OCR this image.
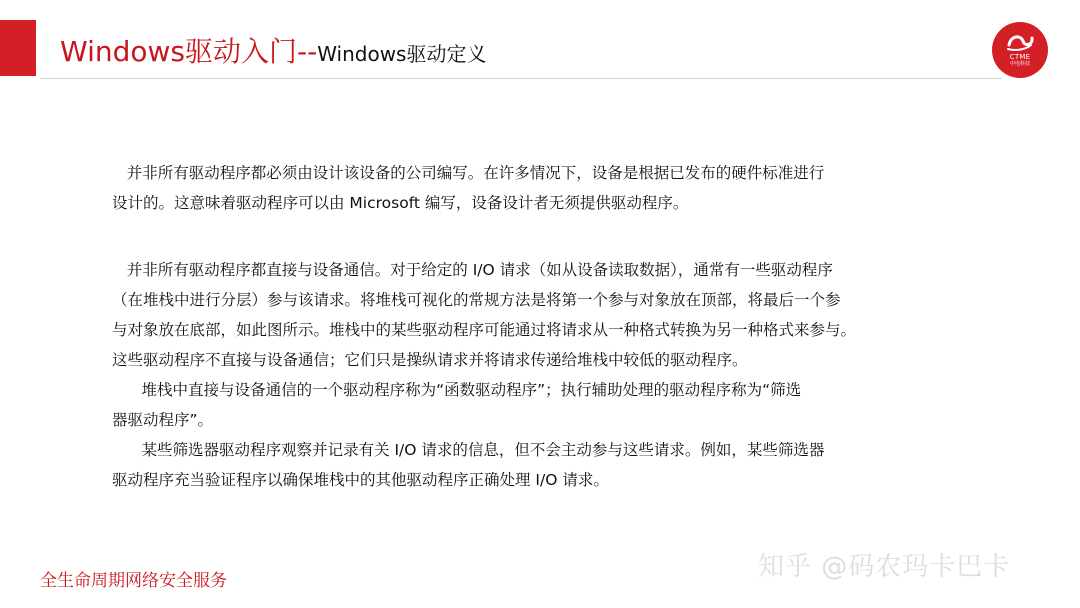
Windows驱动入门--Windows驱动定义	CTME
中电科技

并非所有驱动程序都必须由设计该设备的公司编写。在许多情况下，设备是根据已发布的硬件标准进行

设计的。这意味着驱动程序可以由 Microsoft 编写，设备设计者无须提供驱动程序。

并非所有驱动程序都直接与设备通信。对于给定的 I/O 请求（如从设备读取数据），通常有一些驱动程序

（在堆栈中进行分层）参与该请求。将堆栈可视化的常规方法是将第一个参与对象放在顶部，将最后一个参

与对象放在底部，如此图所示。堆栈中的某些驱动程序可能通过将请求从一种格式转换为另一种格式来参与。

这些驱动程序不直接与设备通信；它们只是操纵请求并将请求传递给堆栈中较低的驱动程序。

堆栈中直接与设备通信的一个驱动程序称为“函数驱动程序”；执行辅助处理的驱动程序称为“筛选

器驱动程序”。

某些筛选器驱动程序观察并记录有关 I/O 请求的信息，但不会主动参与这些请求。例如，某些筛选器

驱动程序充当验证程序以确保堆栈中的其他驱动程序正确处理 I/O 请求。

全生命周期网络安全服务	知乎 @码农玛卡巴卡
